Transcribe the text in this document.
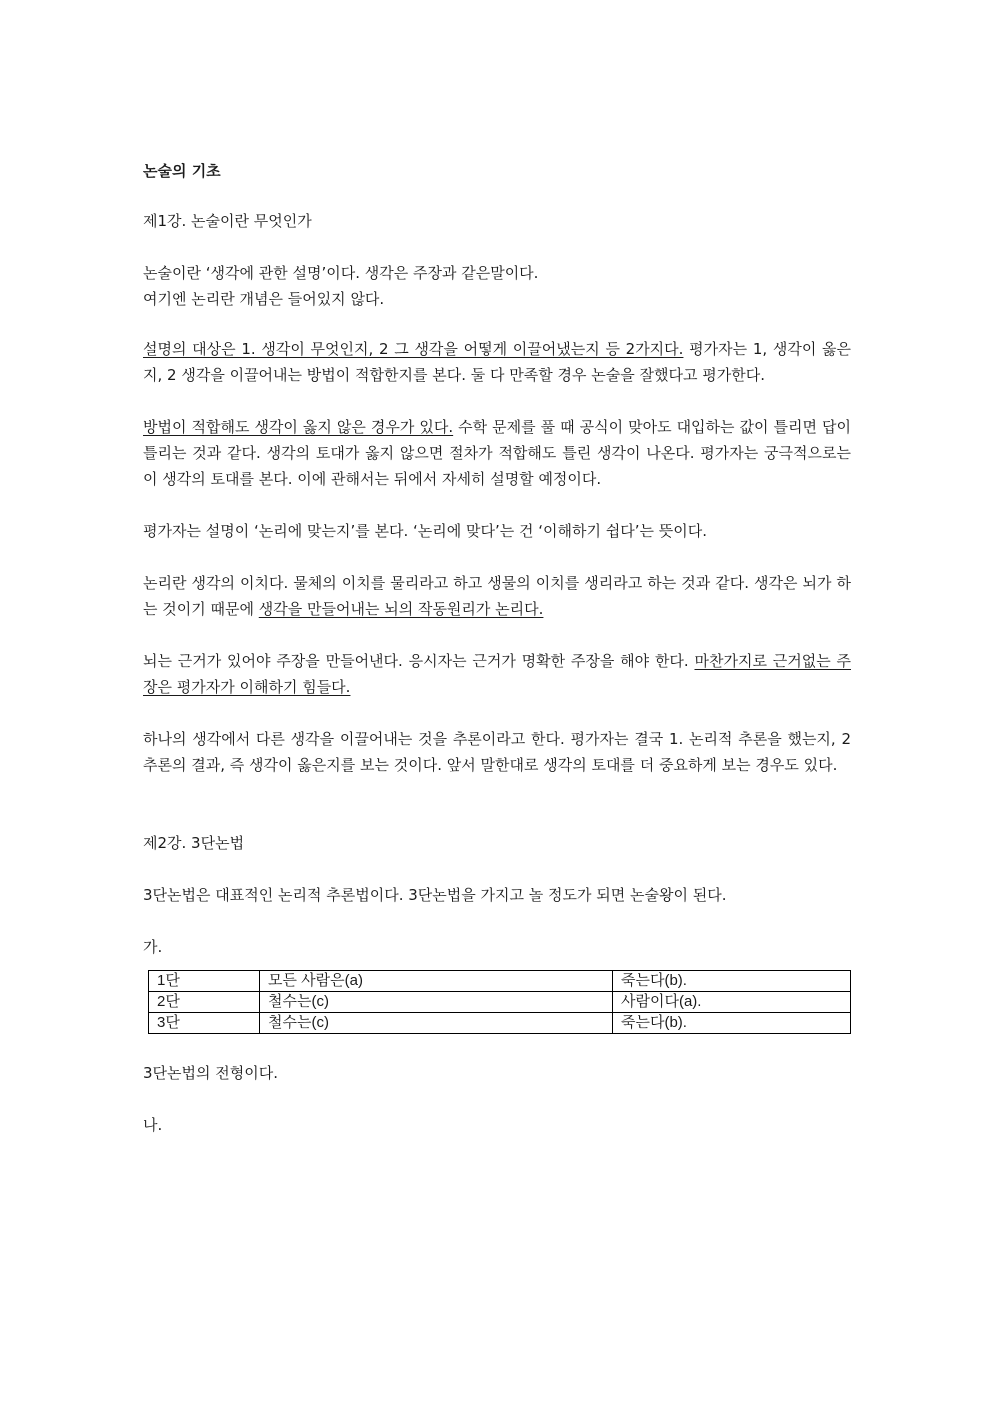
논술의 기초
제1강. 논술이란 무엇인가

논술이란 ‘생각에 관한 설명’이다. 생각은 주장과 같은말이다.
여기엔 논리란 개념은 들어있지 않다.

설명의 대상은 1. 생각이 무엇인지, 2 그 생각을 어떻게 이끌어냈는지 등 2가지다. 평가자는 1, 생각이 옳은지, 2 생각을 이끌어내는 방법이 적합한지를 본다. 둘 다 만족할 경우 논술을 잘했다고 평가한다.

방법이 적합해도 생각이 옳지 않은 경우가 있다. 수학 문제를 풀 때 공식이 맞아도 대입하는 값이 틀리면 답이 틀리는 것과 같다. 생각의 토대가 옳지 않으면 절차가 적합해도 틀린 생각이 나온다. 평가자는 궁극적으로는 이 생각의 토대를 본다. 이에 관해서는 뒤에서 자세히 설명할 예정이다.

평가자는 설명이 ‘논리에 맞는지’를 본다. ‘논리에 맞다’는 건 ‘이해하기 쉽다’는 뜻이다.

논리란 생각의 이치다. 물체의 이치를 물리라고 하고 생물의 이치를 생리라고 하는 것과 같다. 생각은 뇌가 하는 것이기 때문에 생각을 만들어내는 뇌의 작동원리가 논리다.

뇌는 근거가 있어야 주장을 만들어낸다. 응시자는 근거가 명확한 주장을 해야 한다. 마찬가지로 근거없는 주장은 평가자가 이해하기 힘들다.

하나의 생각에서 다른 생각을 이끌어내는 것을 추론이라고 한다. 평가자는 결국 1. 논리적 추론을 했는지, 2 추론의 결과, 즉 생각이 옳은지를 보는 것이다. 앞서 말한대로 생각의 토대를 더 중요하게 보는 경우도 있다.

제2강. 3단논법

3단논법은 대표적인 논리적 추론법이다. 3단논법을 가지고 놀 정도가 되면 논술왕이 된다.

가.
1단	모든 사람은(a)	죽는다(b).
2단	철수는(c)	사람이다(a).
3단	철수는(c)	죽는다(b).

3단논법의 전형이다.

나.
